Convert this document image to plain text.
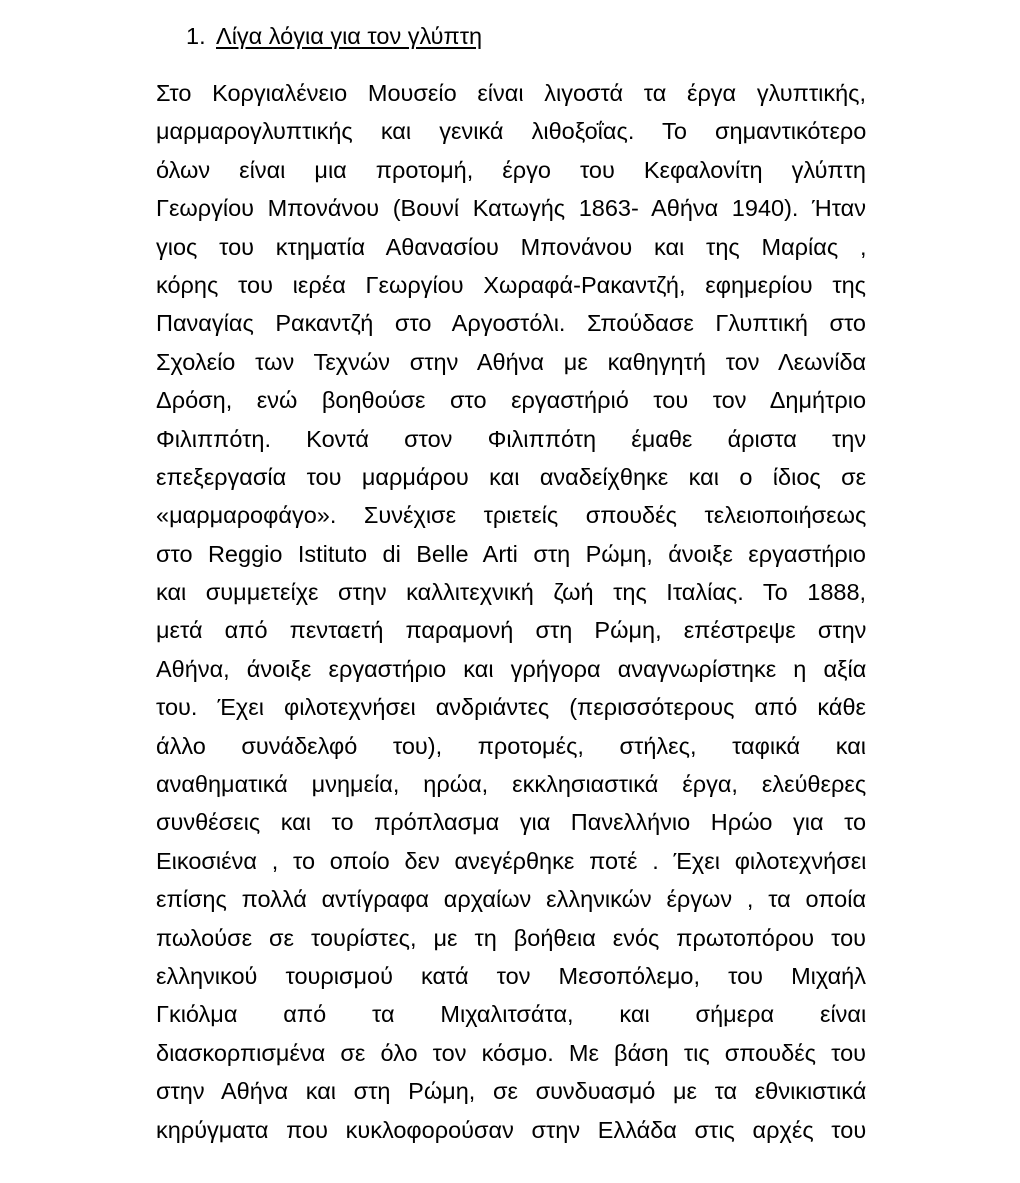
1. Λίγα λόγια για τον γλύπτη
Στο Κοργιαλένειο Μουσείο είναι λιγοστά τα έργα γλυπτικής,
μαρμαρογλυπτικής και γενικά λιθοξοΐας. Το σημαντικότερο
όλων είναι μια προτομή, έργο του Κεφαλονίτη γλύπτη
Γεωργίου Μπονάνου (Βουνί Κατωγής 1863- Αθήνα 1940). Ήταν
γιος του κτηματία Αθανασίου Μπονάνου και της Μαρίας ,
κόρης του ιερέα Γεωργίου Χωραφά-Ρακαντζή, εφημερίου της
Παναγίας Ρακαντζή στο Αργοστόλι. Σπούδασε Γλυπτική στο
Σχολείο των Τεχνών στην Αθήνα με καθηγητή τον Λεωνίδα
Δρόση, ενώ βοηθούσε στο εργαστήριό του τον Δημήτριο
Φιλιππότη. Κοντά στον Φιλιππότη έμαθε άριστα την
επεξεργασία του μαρμάρου και αναδείχθηκε και ο ίδιος σε
«μαρμαροφάγο». Συνέχισε τριετείς σπουδές τελειοποιήσεως
στο Reggio Istituto di Belle Arti στη Ρώμη, άνοιξε εργαστήριο
και συμμετείχε στην καλλιτεχνική ζωή της Ιταλίας. Το 1888,
μετά από πενταετή παραμονή στη Ρώμη, επέστρεψε στην
Αθήνα, άνοιξε εργαστήριο και γρήγορα αναγνωρίστηκε η αξία
του. Έχει φιλοτεχνήσει ανδριάντες (περισσότερους από κάθε
άλλο συνάδελφό του), προτομές, στήλες, ταφικά και
αναθηματικά μνημεία, ηρώα, εκκλησιαστικά έργα, ελεύθερες
συνθέσεις και το πρόπλασμα για Πανελλήνιο Ηρώο για το
Εικοσιένα , το οποίο δεν ανεγέρθηκε ποτέ . Έχει φιλοτεχνήσει
επίσης πολλά αντίγραφα αρχαίων ελληνικών έργων , τα οποία
πωλούσε σε τουρίστες, με τη βοήθεια ενός πρωτοπόρου του
ελληνικού τουρισμού κατά τον Μεσοπόλεμο, του Μιχαήλ
Γκιόλμα από τα Μιχαλιτσάτα, και σήμερα είναι
διασκορπισμένα σε όλο τον κόσμο. Με βάση τις σπουδές του
στην Αθήνα και στη Ρώμη, σε συνδυασμό με τα εθνικιστικά
κηρύγματα που κυκλοφορούσαν στην Ελλάδα στις αρχές του
